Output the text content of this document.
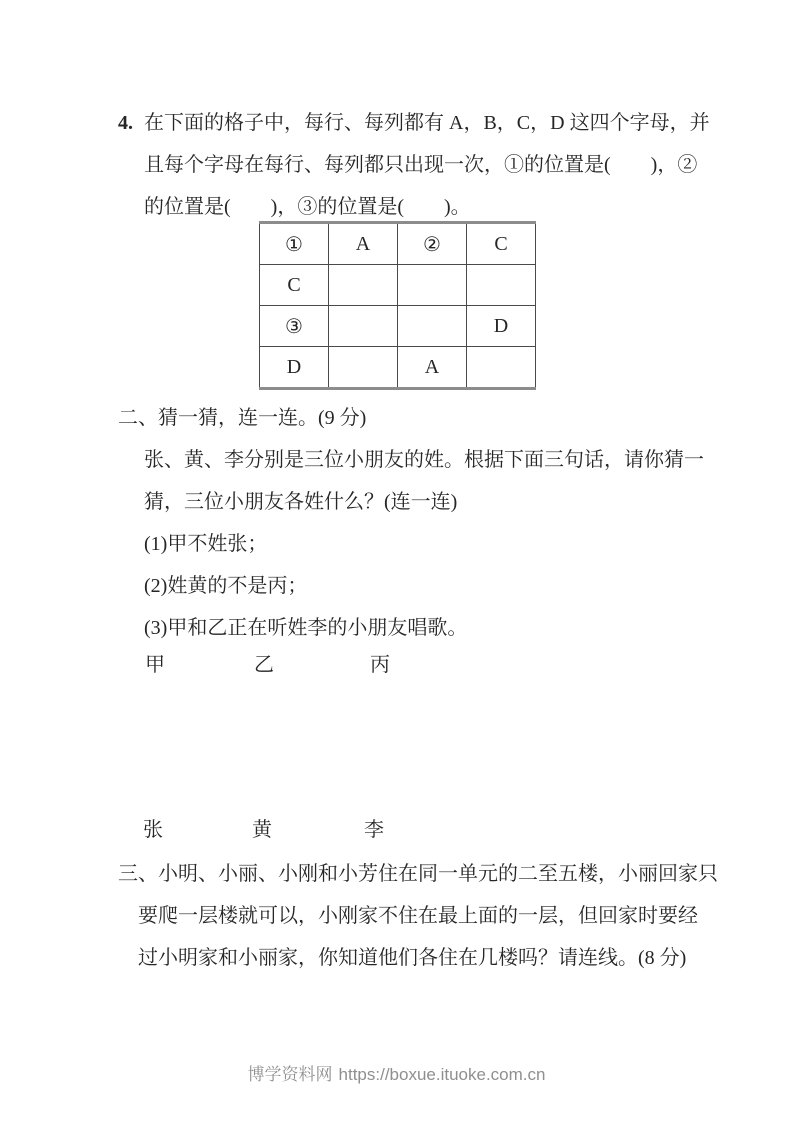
4. 在下面的格子中，每行、每列都有 A，B，C，D 这四个字母，并
且每个字母在每行、每列都只出现一次，①的位置是(　　)，②
的位置是(　　)，③的位置是(　　)。
①	A	②	C
C			
③			D
D		A	
二、猜一猜，连一连。(9 分)
张、黄、李分别是三位小朋友的姓。根据下面三句话，请你猜一
猜，三位小朋友各姓什么？(连一连)
(1)甲不姓张；
(2)姓黄的不是丙；
(3)甲和乙正在听姓李的小朋友唱歌。
甲	乙	丙
张	黄	李
三、小明、小丽、小刚和小芳住在同一单元的二至五楼，小丽回家只
要爬一层楼就可以，小刚家不住在最上面的一层，但回家时要经
过小明家和小丽家，你知道他们各住在几楼吗？请连线。(8 分)
博学资料网 https://boxue.ituoke.com.cn
